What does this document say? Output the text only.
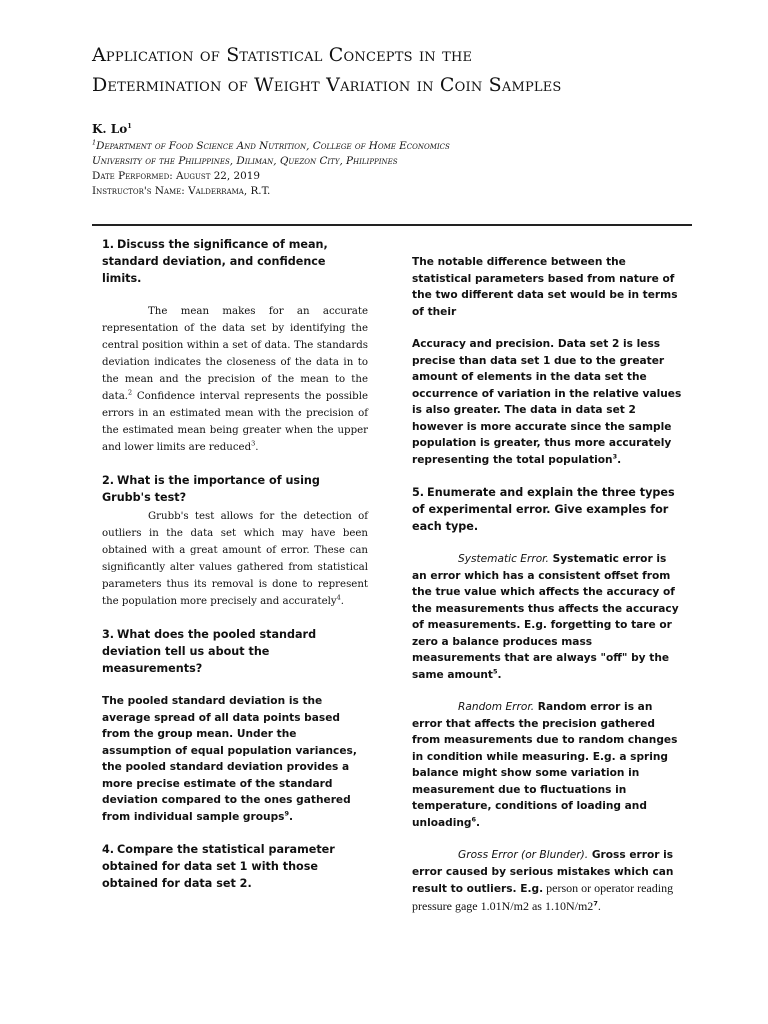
Application of Statistical Concepts in the
Determination of Weight Variation in Coin Samples
K. Lo$^1$
$^1$Department of Food Science And Nutrition, College of Home Economics
University of the Philippines, Diliman, Quezon City, Philippines
Date Performed: August 22, 2019
Instructor's Name: Valderrama, R.T.
1. Discuss the significance of mean, standard deviation, and confidence limits.
The mean makes for an accurate representation of the data set by identifying the central position within a set of data. The standards deviation indicates the closeness of the data in to the mean and the precision of the mean to the data.$^2$ Confidence interval represents the possible errors in an estimated mean with the precision of the estimated mean being greater when the upper and lower limits are reduced$^3$.
2. What is the importance of using Grubb's test?
Grubb's test allows for the detection of outliers in the data set which may have been obtained with a great amount of error. These can significantly alter values gathered from statistical parameters thus its removal is done to represent the population more precisely and accurately$^4$.
3. What does the pooled standard deviation tell us about the measurements?
The pooled standard deviation is the average spread of all data points based from the group mean. Under the assumption of equal population variances, the pooled standard deviation provides a more precise estimate of the standard deviation compared to the ones gathered from individual sample groups$^9$.
4. Compare the statistical parameter obtained for data set 1 with those obtained for data set 2.
The notable difference between the statistical parameters based from nature of the two different data set would be in terms of their
Accuracy and precision. Data set 2 is less precise than data set 1 due to the greater amount of elements in the data set the occurrence of variation in the relative values is also greater. The data in data set 2 however is more accurate since the sample population is greater, thus more accurately representing the total population$^3$.
5. Enumerate and explain the three types of experimental error. Give examples for each type.
Systematic Error. Systematic error is an error which has a consistent offset from the true value which affects the accuracy of the measurements thus affects the accuracy of measurements. E.g. forgetting to tare or zero a balance produces mass measurements that are always "off" by the same amount$^5$.
Random Error. Random error is an error that affects the precision gathered from measurements due to random changes in condition while measuring. E.g. a spring balance might show some variation in measurement due to fluctuations in temperature, conditions of loading and unloading$^6$.
Gross Error (or Blunder). Gross error is error caused by serious mistakes which can result to outliers. E.g. person or operator reading pressure gage 1.01N/m2 as $1.10N/m2^7$.
